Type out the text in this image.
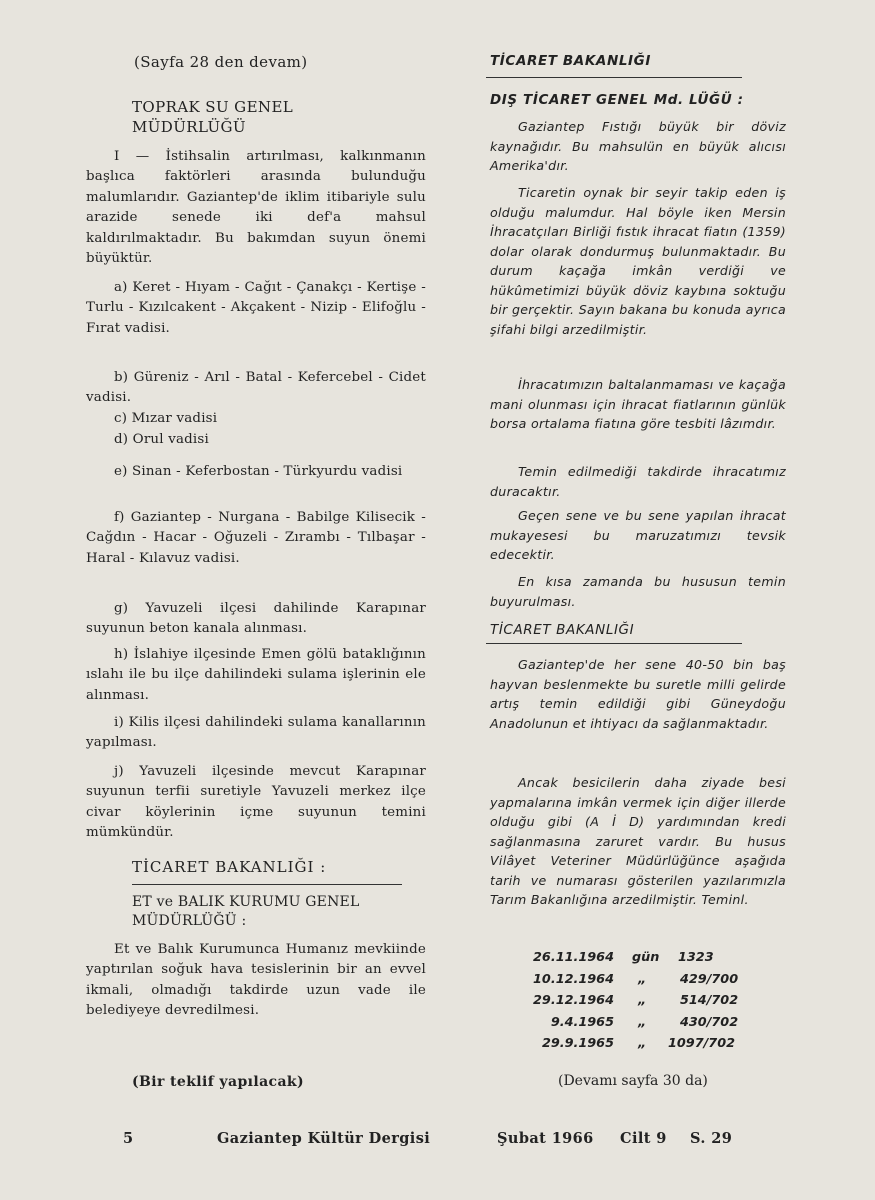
(Sayfa 28 den devam)

TOPRAK SU GENEL MÜDÜRLÜĞÜ

I — İstihsalin artırılması, kalkınmanın başlıca faktörleri arasında bulunduğu malumlarıdır. Gaziantep'de iklim itibariyle sulu arazide senede iki def'a mahsul kaldırılmaktadır. Bu bakımdan suyun önemi büyüktür.

a) Keret - Hıyam - Cağıt - Çanakçı - Kertişe - Turlu - Kızılcakent - Akçakent - Nizip - Elifoğlu - Fırat vadisi.

b) Güreniz - Arıl - Batal - Kefercebel - Cidet vadisi.

c) Mızar vadisi

d) Orul vadisi

e) Sinan - Keferbostan - Türkyurdu vadisi

f) Gaziantep - Nurgana - Babilge Kilisecik - Cağdın - Hacar - Oğuzeli - Zırambı - Tılbaşar - Haral - Kılavuz vadisi.

g) Yavuzeli ilçesi dahilinde Karapınar suyunun beton kanala alınması.

h) İslahiye ilçesinde Emen gölü bataklığının ıslahı ile bu ilçe dahilindeki sulama işlerinin ele alınması.

i) Kilis ilçesi dahilindeki sulama kanallarının yapılması.

j) Yavuzeli ilçesinde mevcut Karapınar suyunun terfii suretiyle Yavuzeli merkez ilçe civar köylerinin içme suyunun temini mümkündür.

TİCARET BAKANLIĞI :

ET ve BALIK KURUMU GENEL MÜDÜRLÜĞÜ :

Et ve Balık Kurumunca Humanız mevkiinde yaptırılan soğuk hava tesislerinin bir an evvel ikmali, olmadığı takdirde uzun vade ile belediyeye devredilmesi.

(Bir teklif yapılacak)

TİCARET BAKANLIĞI
DIŞ TİCARET GENEL Md. LÜĞÜ :

Gaziantep Fıstığı büyük bir döviz kaynağıdır. Bu mahsulün en büyük alıcısı Amerika'dır.

Ticaretin oynak bir seyir takip eden iş olduğu malumdur. Hal böyle iken Mersin İhracatçıları Birliği fıstık ihracat fiatın (1359) dolar olarak dondurmuş bulunmaktadır. Bu durum kaçağa imkân verdiği ve hükûmetimizi büyük döviz kaybına soktuğu bir gerçektir. Sayın bakana bu konuda ayrıca şifahi bilgi arzedilmiştir.

İhracatımızın baltalanmaması ve kaçağa mani olunması için ihracat fiatlarının günlük borsa ortalama fiatına göre tesbiti lâzımdır.

Temin edilmediği takdirde ihracatımız duracaktır.

Geçen sene ve bu sene yapılan ihracat mukayesesi bu maruzatımızı tevsik edecektir.

En kısa zamanda bu hususun temin buyurulması.

TİCARET BAKANLIĞI

Gaziantep'de her sene 40-50 bin baş hayvan beslenmekte bu suretle milli gelirde artış temin edildiği gibi Güneydoğu Anadolunun et ihtiyacı da sağlanmaktadır.

Ancak besicilerin daha ziyade besi yapmalarına imkân vermek için diğer illerde olduğu gibi (A İ D) yardımından kredi sağlanmasına zaruret vardır. Bu husus Vilâyet Veteriner Müdürlüğünce aşağıda tarih ve numarası gösterilen yazılarımızla Tarım Bakanlığına arzedilmiştir. Teminl.

26.11.1964 gün 1323
10.12.1964 „	429/700
29.12.1964 „	514/702
9.4.1965 „	430/702
29.9.1965 „ 1097/702

(Devamı sayfa 30 da)

5	Gaziantep Kültür Dergisi	Şubat 1966 Cilt 9 S. 29
